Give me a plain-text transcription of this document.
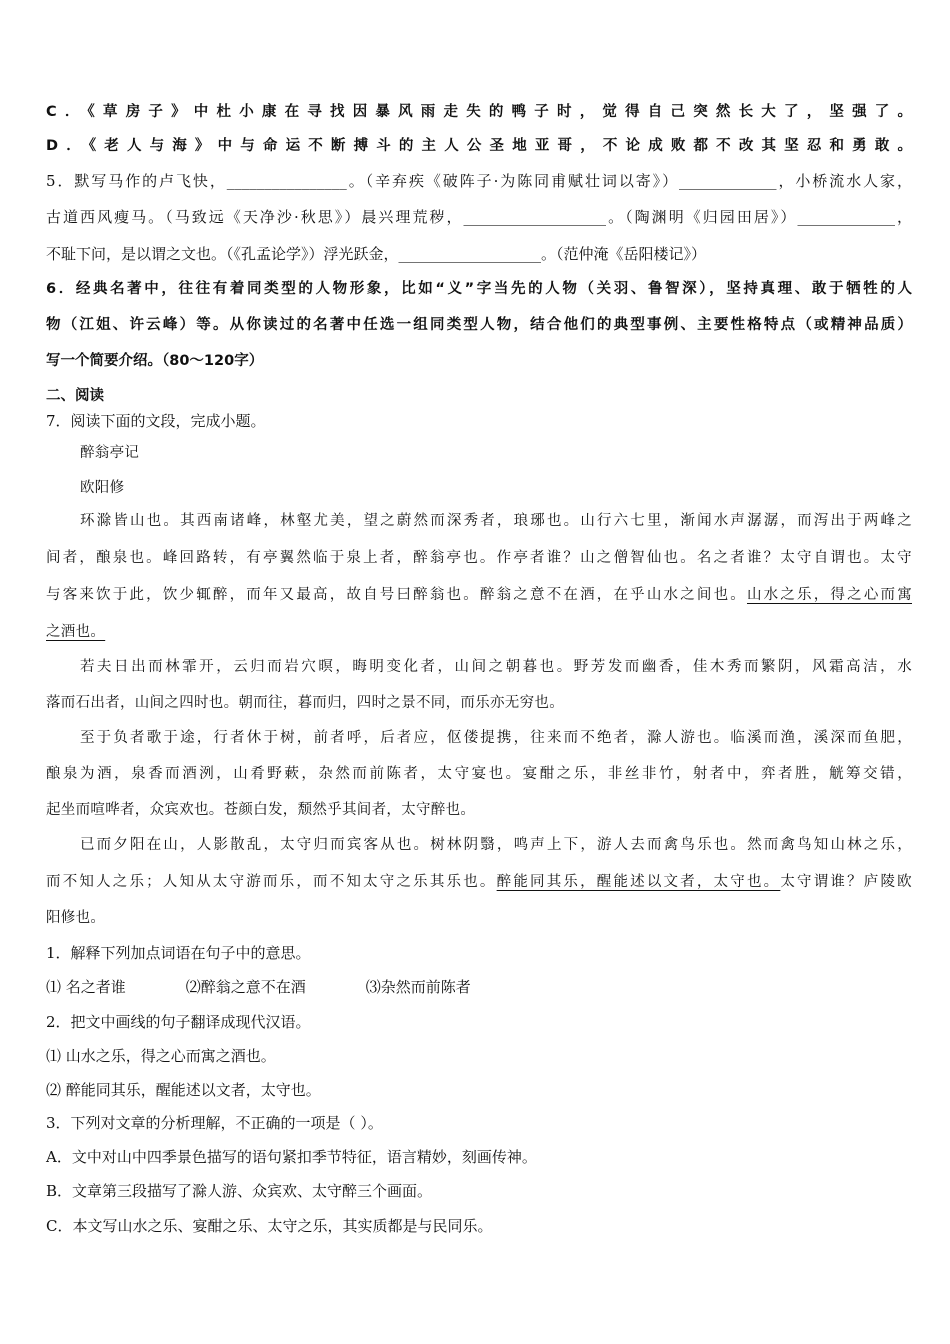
C．《草房子》中杜小康在寻找因暴风雨走失的鸭子时，觉得自己突然长大了，坚强了。
D．《老人与海》中与命运不断搏斗的主人公圣地亚哥，不论成败都不改其坚忍和勇敢。
5．默写马作的卢飞快，________________。（辛弃疾《破阵子·为陈同甫赋壮词以寄》）_____________，小桥流水人家，
古道西风瘦马。（马致远《天净沙·秋思》）晨兴理荒秽，___________________。（陶渊明《归园田居》）_____________，
不耻下问，是以谓之文也。（《孔孟论学》）浮光跃金，___________________。（范仲淹《岳阳楼记》）
6．经典名著中，往往有着同类型的人物形象，比如“义”字当先的人物（关羽、鲁智深），坚持真理、敢于牺牲的人
物（江姐、许云峰）等。从你读过的名著中任选一组同类型人物，结合他们的典型事例、主要性格特点（或精神品质）
写一个简要介绍。（80～120字）
二、阅读
7．阅读下面的文段，完成小题。
醉翁亭记
欧阳修
环滁皆山也。其西南诸峰，林壑尤美，望之蔚然而深秀者，琅琊也。山行六七里，渐闻水声潺潺，而泻出于两峰之
间者，酿泉也。峰回路转，有亭翼然临于泉上者，醉翁亭也。作亭者谁？山之僧智仙也。名之者谁？太守自谓也。太守
与客来饮于此，饮少辄醉，而年又最高，故自号曰醉翁也。醉翁之意不在酒，在乎山水之间也。山水之乐，得之心而寓
之酒也。
若夫日出而林霏开，云归而岩穴暝，晦明变化者，山间之朝暮也。野芳发而幽香，佳木秀而繁阴，风霜高洁，水
落而石出者，山间之四时也。朝而往，暮而归，四时之景不同，而乐亦无穷也。
至于负者歌于途，行者休于树，前者呼，后者应，伛偻提携，往来而不绝者，滁人游也。临溪而渔，溪深而鱼肥，
酿泉为酒，泉香而酒洌，山肴野蔌，杂然而前陈者，太守宴也。宴酣之乐，非丝非竹，射者中，弈者胜，觥筹交错，
起坐而喧哗者，众宾欢也。苍颜白发，颓然乎其间者，太守醉也。
已而夕阳在山，人影散乱，太守归而宾客从也。树林阴翳，鸣声上下，游人去而禽鸟乐也。然而禽鸟知山林之乐，
而不知人之乐；人知从太守游而乐，而不知太守之乐其乐也。醉能同其乐，醒能述以文者，太守也。太守谓谁？庐陵欧
阳修也。
1．解释下列加点词语在句子中的意思。
⑴ 名之者谁	⑵醉翁之意不在酒	⑶杂然而前陈者
2．把文中画线的句子翻译成现代汉语。
⑴ 山水之乐，得之心而寓之酒也。
⑵ 醉能同其乐，醒能述以文者，太守也。
3．下列对文章的分析理解，不正确的一项是（ ）。
A．文中对山中四季景色描写的语句紧扣季节特征，语言精妙，刻画传神。
B．文章第三段描写了滁人游、众宾欢、太守醉三个画面。
C．本文写山水之乐、宴酣之乐、太守之乐，其实质都是与民同乐。
